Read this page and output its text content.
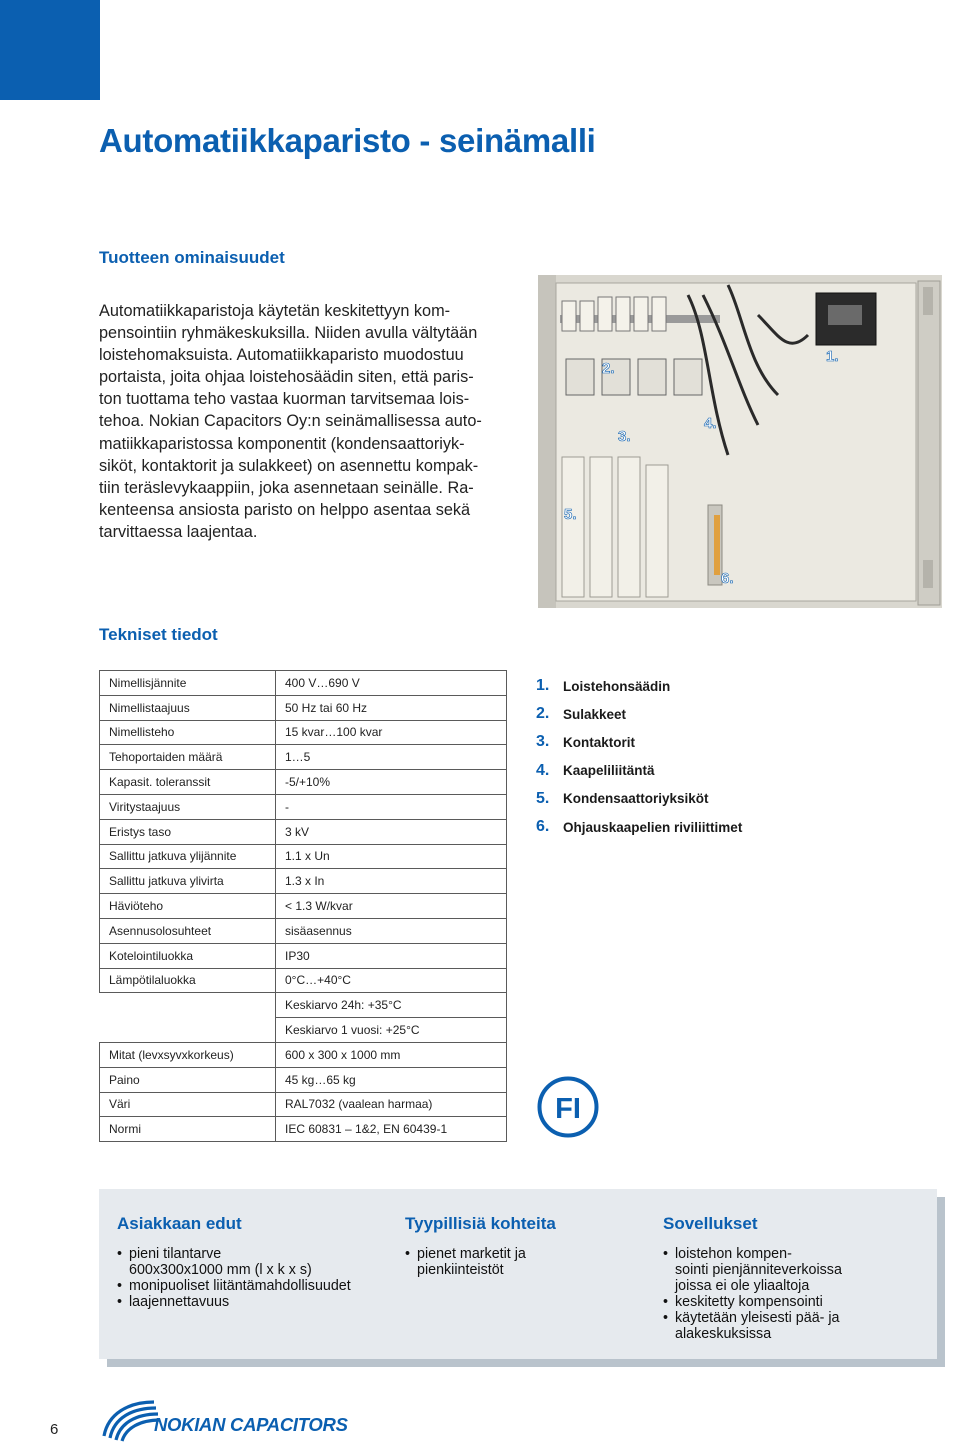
Automatiikkaparisto - seinämalli
Tuotteen ominaisuudet
Automatiikkaparistoja käytetän keskitettyyn kom-
pensointiin ryhmäkeskuksilla. Niiden avulla vältytään
loistehomaksuista. Automatiikkaparisto muodostuu
portaista, joita ohjaa loistehosäädin siten, että paris-
ton tuottama teho vastaa kuorman tarvitsemaa lois-
tehoa. Nokian Capacitors Oy:n seinämallisessa auto-
matiikkaparistossa komponentit (kondensaattoriyk-
siköt, kontaktorit ja sulakkeet) on asennettu kompak-
tiin teräslevykaappiin, joka asennetaan seinälle. Ra-
kenteensa ansiosta paristo on helppo asentaa sekä
tarvittaessa laajentaa.
1.
2.
3.
4.
5.
6.
Tekniset tiedot
Nimellisjännite	400 V…690 V
Nimellistaajuus	50 Hz tai 60 Hz
Nimellisteho	15 kvar…100 kvar
Tehoportaiden määrä	1…5
Kapasit. toleranssit	-5/+10%
Viritystaajuus	-
Eristys taso	3 kV
Sallittu jatkuva ylijännite	1.1 x Un
Sallittu jatkuva ylivirta	1.3 x In
Häviöteho	< 1.3 W/kvar
Asennusolosuhteet	sisäasennus
Kotelointiluokka	IP30
Lämpötilaluokka	0°C…+40°C
	Keskiarvo 24h: +35°C
	Keskiarvo 1 vuosi: +25°C
Mitat (levxsyvxkorkeus)	600 x 300 x 1000 mm
Paino	45 kg…65 kg
Väri	RAL7032 (vaalean harmaa)
Normi	IEC 60831 – 1&2, EN 60439-1
1.	Loistehonsäädin
2.	Sulakkeet
3.	Kontaktorit
4.	Kaapeliliitäntä
5.	Kondensaattoriyksiköt
6.	Ohjauskaapelien riviliittimet
FI
Asiakkaan edut
• pieni tilantarve
600x300x1000 mm (l x k x s)
• monipuoliset liitäntämahdollisuudet
• laajennettavuus
Tyypillisiä kohteita
• pienet marketit ja
pienkiinteistöt
Sovellukset
• loistehon kompen-
sointi pienjänniteverkoissa
joissa ei ole yliaaltoja
• keskitetty kompensointi
• käytetään yleisesti pää- ja
alakeskuksissa
6	NOKIAN CAPACITORS
